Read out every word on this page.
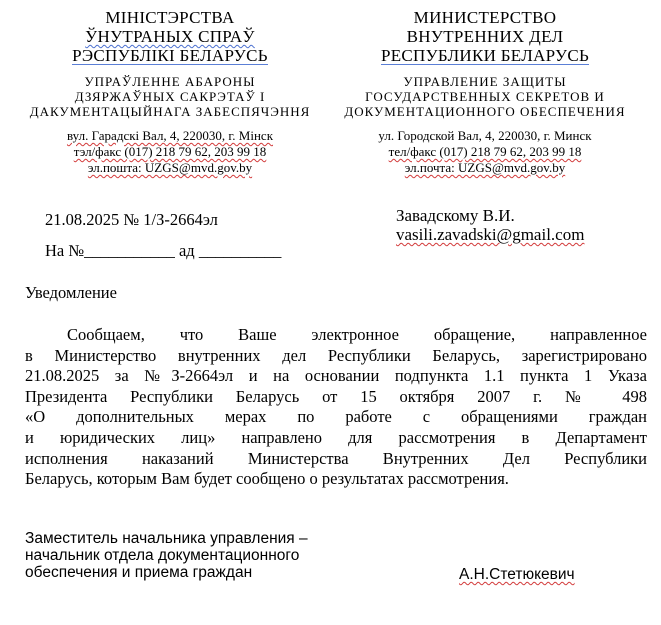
МІНІСТЭРСТВА
ЎНУТРАНЫХ СПРАЎ
РЭСПУБЛІКІ БЕЛАРУСЬ
УПРАЎЛЕННЕ АБАРОНЫ
ДЗЯРЖАЎНЫХ САКРЭТАЎ І
ДАКУМЕНТАЦЫЙНАГА ЗАБЕСПЯЧЭННЯ
вул. Гарадскі Вал, 4, 220030, г. Мінск
тэл/факс (017) 218 79 62, 203 99 18
эл.пошта: UZGS@mvd.gov.by
МИНИСТЕРСТВО
ВНУТРЕННИХ ДЕЛ
РЕСПУБЛИКИ БЕЛАРУСЬ
УПРАВЛЕНИЕ ЗАЩИТЫ
ГОСУДАРСТВЕННЫХ СЕКРЕТОВ И
ДОКУМЕНТАЦИОННОГО ОБЕСПЕЧЕНИЯ
ул. Городской Вал, 4, 220030, г. Минск
тел/факс (017) 218 79 62, 203 99 18
эл.почта: UZGS@mvd.gov.by
21.08.2025 № 1/З-2664эл
На №___________ ад __________
Завадскому В.И.
vasili.zavadski@gmail.com
Уведомление
Сообщаем, что Ваше электронное обращение, направленное
в Министерство внутренних дел Республики Беларусь, зарегистрировано
21.08.2025 за №З-2664эл и на основании подпункта 1.1 пункта 1 Указа
Президента Республики Беларусь от 15 октября 2007 г. № 498
«О дополнительных мерах по работе с обращениями граждан
и юридических лиц» направлено для рассмотрения в Департамент
исполнения наказаний Министерства Внутренних Дел Республики
Беларусь, которым Вам будет сообщено о результатах рассмотрения.
Заместитель начальника управления –
начальник отдела документационного
обеспечения и приема граждан	А.Н.Стетюкевич
